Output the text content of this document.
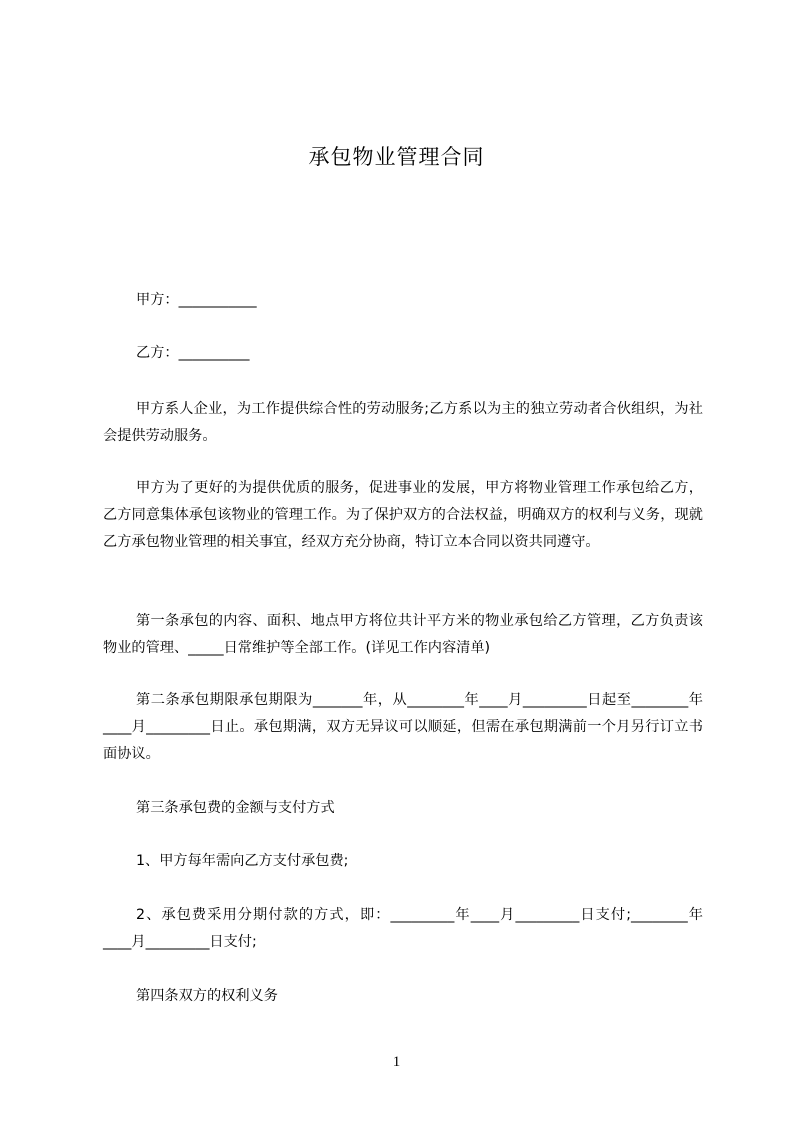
承包物业管理合同

甲方：___________

乙方：__________

甲方系人企业，为工作提供综合性的劳动服务;乙方系以为主的独立劳动者合伙组织，为社会提供劳动服务。

甲方为了更好的为提供优质的服务，促进事业的发展，甲方将物业管理工作承包给乙方，乙方同意集体承包该物业的管理工作。为了保护双方的合法权益，明确双方的权利与义务，现就乙方承包物业管理的相关事宜，经双方充分协商，特订立本合同以资共同遵守。

第一条承包的内容、面积、地点甲方将位共计平方米的物业承包给乙方管理，乙方负责该物业的管理、_____日常维护等全部工作。(详见工作内容清单)

第二条承包期限承包期限为_______年，从________年____月_________日起至________年____月_________日止。承包期满，双方无异议可以顺延，但需在承包期满前一个月另行订立书面协议。

第三条承包费的金额与支付方式

1、甲方每年需向乙方支付承包费;

2、承包费采用分期付款的方式，即：_________年____月_________日支付;________年____月_________日支付;

第四条双方的权利义务

1
